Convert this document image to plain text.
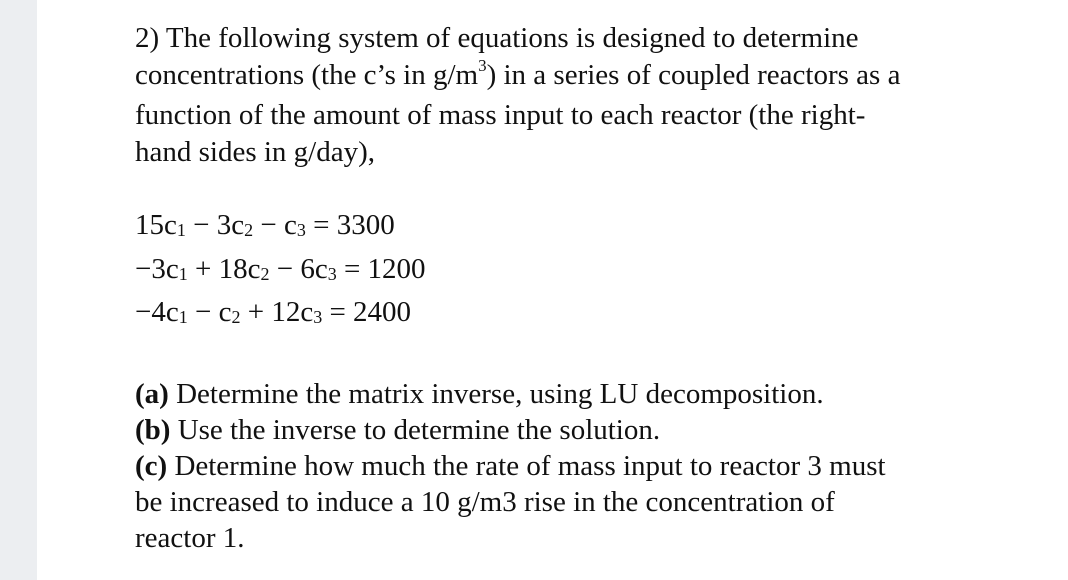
2) The following system of equations is designed to determine
concentrations (the c’s in $g/m^3$) in a series of coupled reactors as a
function of the amount of mass input to each reactor (the right-
hand sides in g/day),

$15c_1 - 3c_2 - c_3 = 3300$
$-3c_1 + 18c_2 - 6c_3 = 1200$
$-4c_1 - c_2 + 12c_3 = 2400$
(a) Determine the matrix inverse, using LU decomposition.
(b) Use the inverse to determine the solution.
(c) Determine how much the rate of mass input to reactor 3 must
be increased to induce a 10 g/m3 rise in the concentration of
reactor 1.
